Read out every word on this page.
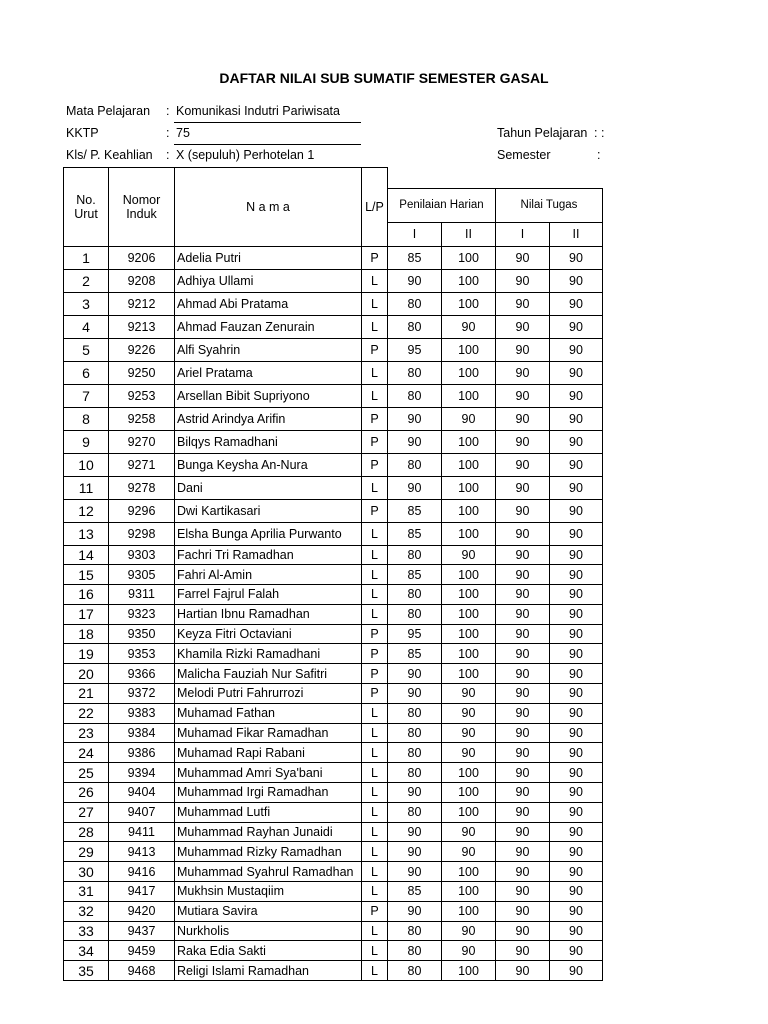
DAFTAR NILAI SUB SUMATIF SEMESTER GASAL
Mata Pelajaran : Komunikasi Indutri Pariwisata
KKTP	: 75
Kls/ P. Keahlian : X (sepuluh) Perhotelan 1
Tahun Pelajaran : :
Semester	:
No. Urut	Nomor Induk	N a m a	L/P				
				Penilaian Harian		Nilai Tugas	
				I	II	I	II
1	9206	Adelia Putri	P	85	100	90	90
2	9208	Adhiya Ullami	L	90	100	90	90
3	9212	Ahmad Abi Pratama	L	80	100	90	90
4	9213	Ahmad Fauzan Zenurain	L	80	90	90	90
5	9226	Alfi Syahrin	P	95	100	90	90
6	9250	Ariel Pratama	L	80	100	90	90
7	9253	Arsellan Bibit Supriyono	L	80	100	90	90
8	9258	Astrid Arindya Arifin	P	90	90	90	90
9	9270	Bilqys Ramadhani	P	90	100	90	90
10	9271	Bunga Keysha An-Nura	P	80	100	90	90
11	9278	Dani	L	90	100	90	90
12	9296	Dwi Kartikasari	P	85	100	90	90
13	9298	Elsha Bunga Aprilia Purwanto	L	85	100	90	90
14	9303	Fachri Tri Ramadhan	L	80	90	90	90
15	9305	Fahri Al-Amin	L	85	100	90	90
16	9311	Farrel Fajrul Falah	L	80	100	90	90
17	9323	Hartian Ibnu Ramadhan	L	80	100	90	90
18	9350	Keyza Fitri Octaviani	P	95	100	90	90
19	9353	Khamila Rizki Ramadhani	P	85	100	90	90
20	9366	Malicha Fauziah Nur Safitri	P	90	100	90	90
21	9372	Melodi Putri Fahrurrozi	P	90	90	90	90
22	9383	Muhamad Fathan	L	80	90	90	90
23	9384	Muhamad Fikar Ramadhan	L	80	90	90	90
24	9386	Muhamad Rapi Rabani	L	80	90	90	90
25	9394	Muhammad Amri Sya'bani	L	80	100	90	90
26	9404	Muhammad Irgi Ramadhan	L	90	100	90	90
27	9407	Muhammad Lutfi	L	80	100	90	90
28	9411	Muhammad Rayhan Junaidi	L	90	90	90	90
29	9413	Muhammad Rizky Ramadhan	L	90	90	90	90
30	9416	Muhammad Syahrul Ramadhan	L	90	100	90	90
31	9417	Mukhsin Mustaqiim	L	85	100	90	90
32	9420	Mutiara Savira	P	90	100	90	90
33	9437	Nurkholis	L	80	90	90	90
34	9459	Raka Edia Sakti	L	80	90	90	90
35	9468	Religi Islami Ramadhan	L	80	100	90	90
